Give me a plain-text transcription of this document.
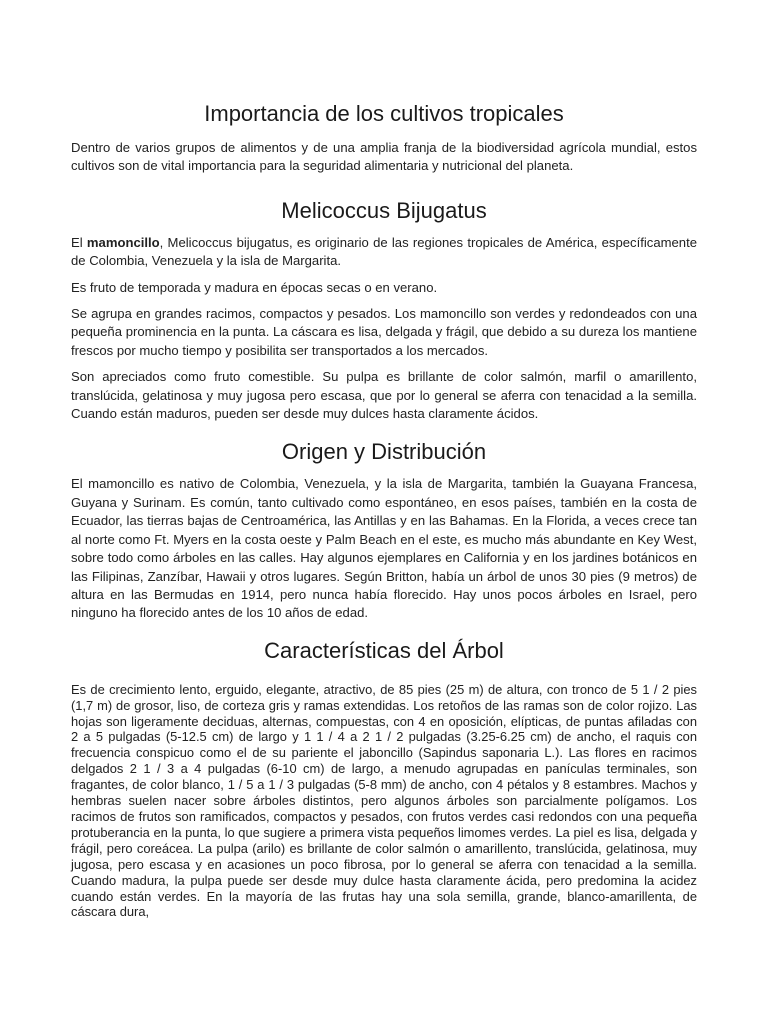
Importancia de los cultivos tropicales

Dentro de varios grupos de alimentos y de una amplia franja de la biodiversidad agrícola mundial, estos cultivos son de vital importancia para la seguridad alimentaria y nutricional del planeta.

Melicoccus Bijugatus

El mamoncillo, Melicoccus bijugatus, es originario de las regiones tropicales de América, específicamente de Colombia, Venezuela y la isla de Margarita.

Es fruto de temporada y madura en épocas secas o en verano.

Se agrupa en grandes racimos, compactos y pesados. Los mamoncillo son verdes y redondeados con una pequeña prominencia en la punta. La cáscara es lisa, delgada y frágil, que debido a su dureza los mantiene frescos por mucho tiempo y posibilita ser transportados a los mercados.

Son apreciados como fruto comestible. Su pulpa es brillante de color salmón, marfil o amarillento, translúcida, gelatinosa y muy jugosa pero escasa, que por lo general se aferra con tenacidad a la semilla. Cuando están maduros, pueden ser desde muy dulces hasta claramente ácidos.

Origen y Distribución

El mamoncillo es nativo de Colombia, Venezuela, y la isla de Margarita, también la Guayana Francesa, Guyana y Surinam. Es común, tanto cultivado como espontáneo, en esos países, también en la costa de Ecuador, las tierras bajas de Centroamérica, las Antillas y en las Bahamas. En la Florida, a veces crece tan al norte como Ft. Myers en la costa oeste y Palm Beach en el este, es mucho más abundante en Key West, sobre todo como árboles en las calles. Hay algunos ejemplares en California y en los jardines botánicos en las Filipinas, Zanzíbar, Hawaii y otros lugares. Según Britton, había un árbol de unos 30 pies (9 metros) de altura en las Bermudas en 1914, pero nunca había florecido. Hay unos pocos árboles en Israel, pero ninguno ha florecido antes de los 10 años de edad.

Características del Árbol

Es de crecimiento lento, erguido, elegante, atractivo, de 85 pies (25 m) de altura, con tronco de 5 1 / 2 pies (1,7 m) de grosor, liso, de corteza gris y ramas extendidas. Los retoños de las ramas son de color rojizo. Las hojas son ligeramente deciduas, alternas, compuestas, con 4 en oposición, elípticas, de puntas afiladas con 2 a 5 pulgadas (5-12.5 cm) de largo y 1 1 / 4 a 2 1 / 2 pulgadas (3.25-6.25 cm) de ancho, el raquis con frecuencia conspicuo como el de su pariente el jaboncillo (Sapindus saponaria L.). Las flores en racimos delgados 2 1 / 3 a 4 pulgadas (6-10 cm) de largo, a menudo agrupadas en panículas terminales, son fragantes, de color blanco, 1 / 5 a 1 / 3 pulgadas (5-8 mm) de ancho, con 4 pétalos y 8 estambres. Machos y hembras suelen nacer sobre árboles distintos, pero algunos árboles son parcialmente polígamos. Los racimos de frutos son ramificados, compactos y pesados, con frutos verdes casi redondos con una pequeña protuberancia en la punta, lo que sugiere a primera vista pequeños limomes verdes. La piel es lisa, delgada y frágil, pero coreácea. La pulpa (arilo) es brillante de color salmón o amarillento, translúcida, gelatinosa, muy jugosa, pero escasa y en acasiones un poco fibrosa, por lo general se aferra con tenacidad a la semilla. Cuando madura, la pulpa puede ser desde muy dulce hasta claramente ácida, pero predomina la acidez cuando están verdes. En la mayoría de las frutas hay una sola semilla, grande, blanco-amarillenta, de cáscara dura,
